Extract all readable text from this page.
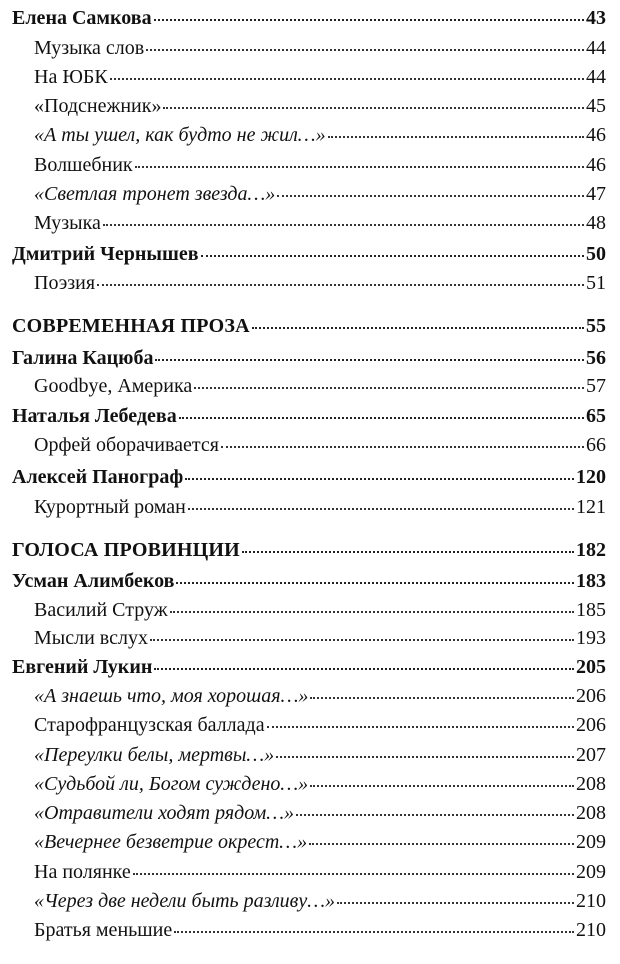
Елена Самкова	43
Музыка слов	44
На ЮБК	44
«Подснежник»	45
«А ты ушел, как будто не жил…»	46
Волшебник	46
«Светлая тронет звезда…»	47
Музыка	48
Дмитрий Чернышев	50
Поэзия	51
СОВРЕМЕННАЯ ПРОЗА	55
Галина Кацюба	56
Goodbye, Америка	57
Наталья Лебедева	65
Орфей оборачивается	66
Алексей Панограф	120
Курортный роман	121
ГОЛОСА ПРОВИНЦИИ	182
Усман Алимбеков	183
Василий Струж	185
Мысли вслух	193
Евгений Лукин	205
«А знаешь что, моя хорошая…»	206
Старофранцузская баллада	206
«Переулки белы, мертвы…»	207
«Судьбой ли, Богом суждено…»	208
«Отравители ходят рядом…»	208
«Вечернее безветрие окрест…»	209
На полянке	209
«Через две недели быть разливу…»	210
Братья меньшие	210
